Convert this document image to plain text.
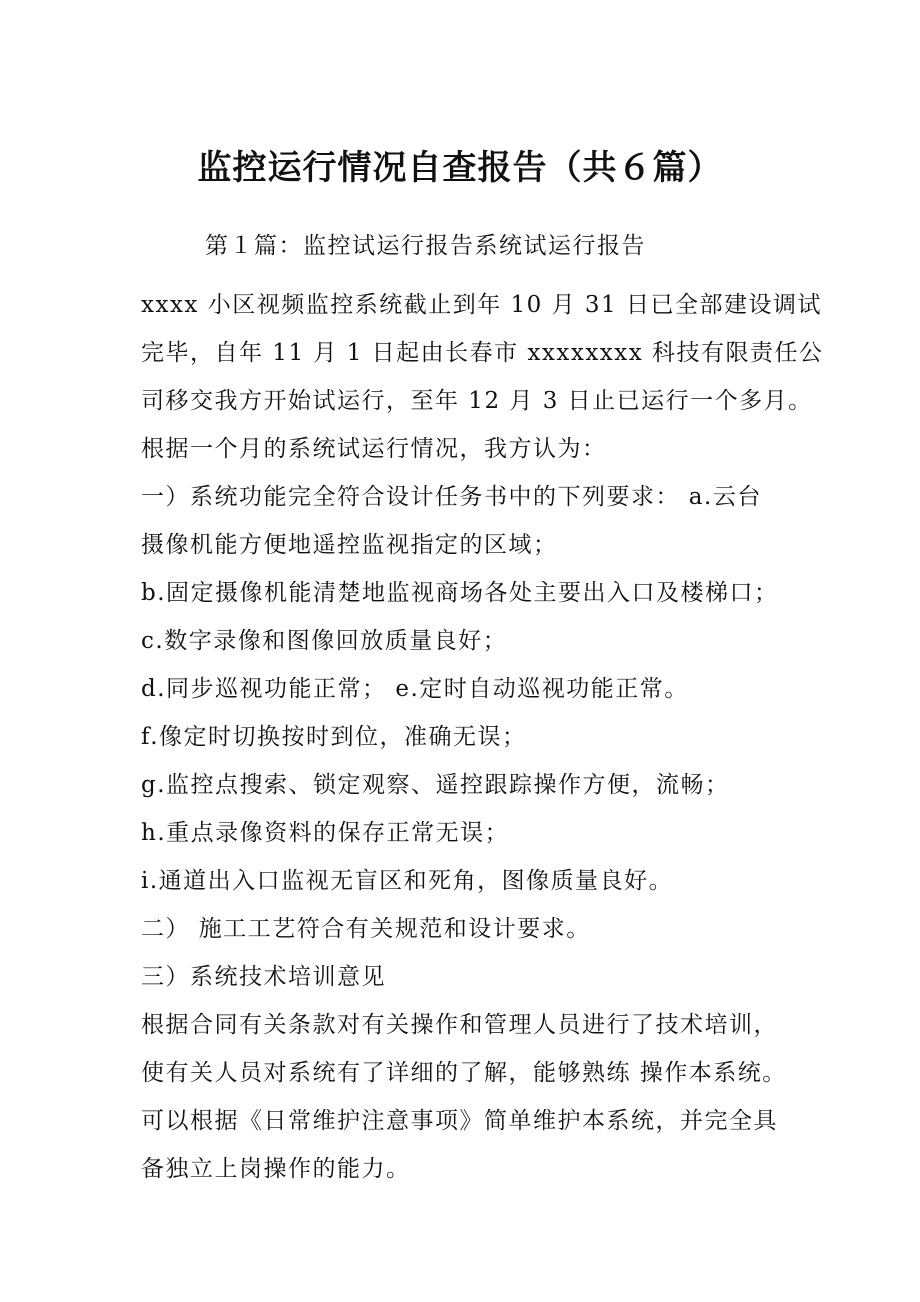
监控运行情况自查报告（共６篇）

第１篇：监控试运行报告系统试运行报告

xxxx 小区视频监控系统截止到年 10 月 31 日已全部建设调试

完毕，自年 11 月 1 日起由长春市 xxxxxxxx 科技有限责任公

司移交我方开始试运行，至年 12 月 3 日止已运行一个多月。

根据一个月的系统试运行情况，我方认为：

一）系统功能完全符合设计任务书中的下列要求： a.云台

摄像机能方便地遥控监视指定的区域；

b.固定摄像机能清楚地监视商场各处主要出入口及楼梯口；

c.数字录像和图像回放质量良好；

d.同步巡视功能正常； e.定时自动巡视功能正常。

f.像定时切换按时到位，准确无误；

g.监控点搜索、锁定观察、遥控跟踪操作方便，流畅；

h.重点录像资料的保存正常无误；

i.通道出入口监视无盲区和死角，图像质量良好。

二） 施工工艺符合有关规范和设计要求。

三）系统技术培训意见

根据合同有关条款对有关操作和管理人员进行了技术培训，

使有关人员对系统有了详细的了解，能够熟练 操作本系统。

可以根据《日常维护注意事项》简单维护本系统，并完全具

备独立上岗操作的能力。
